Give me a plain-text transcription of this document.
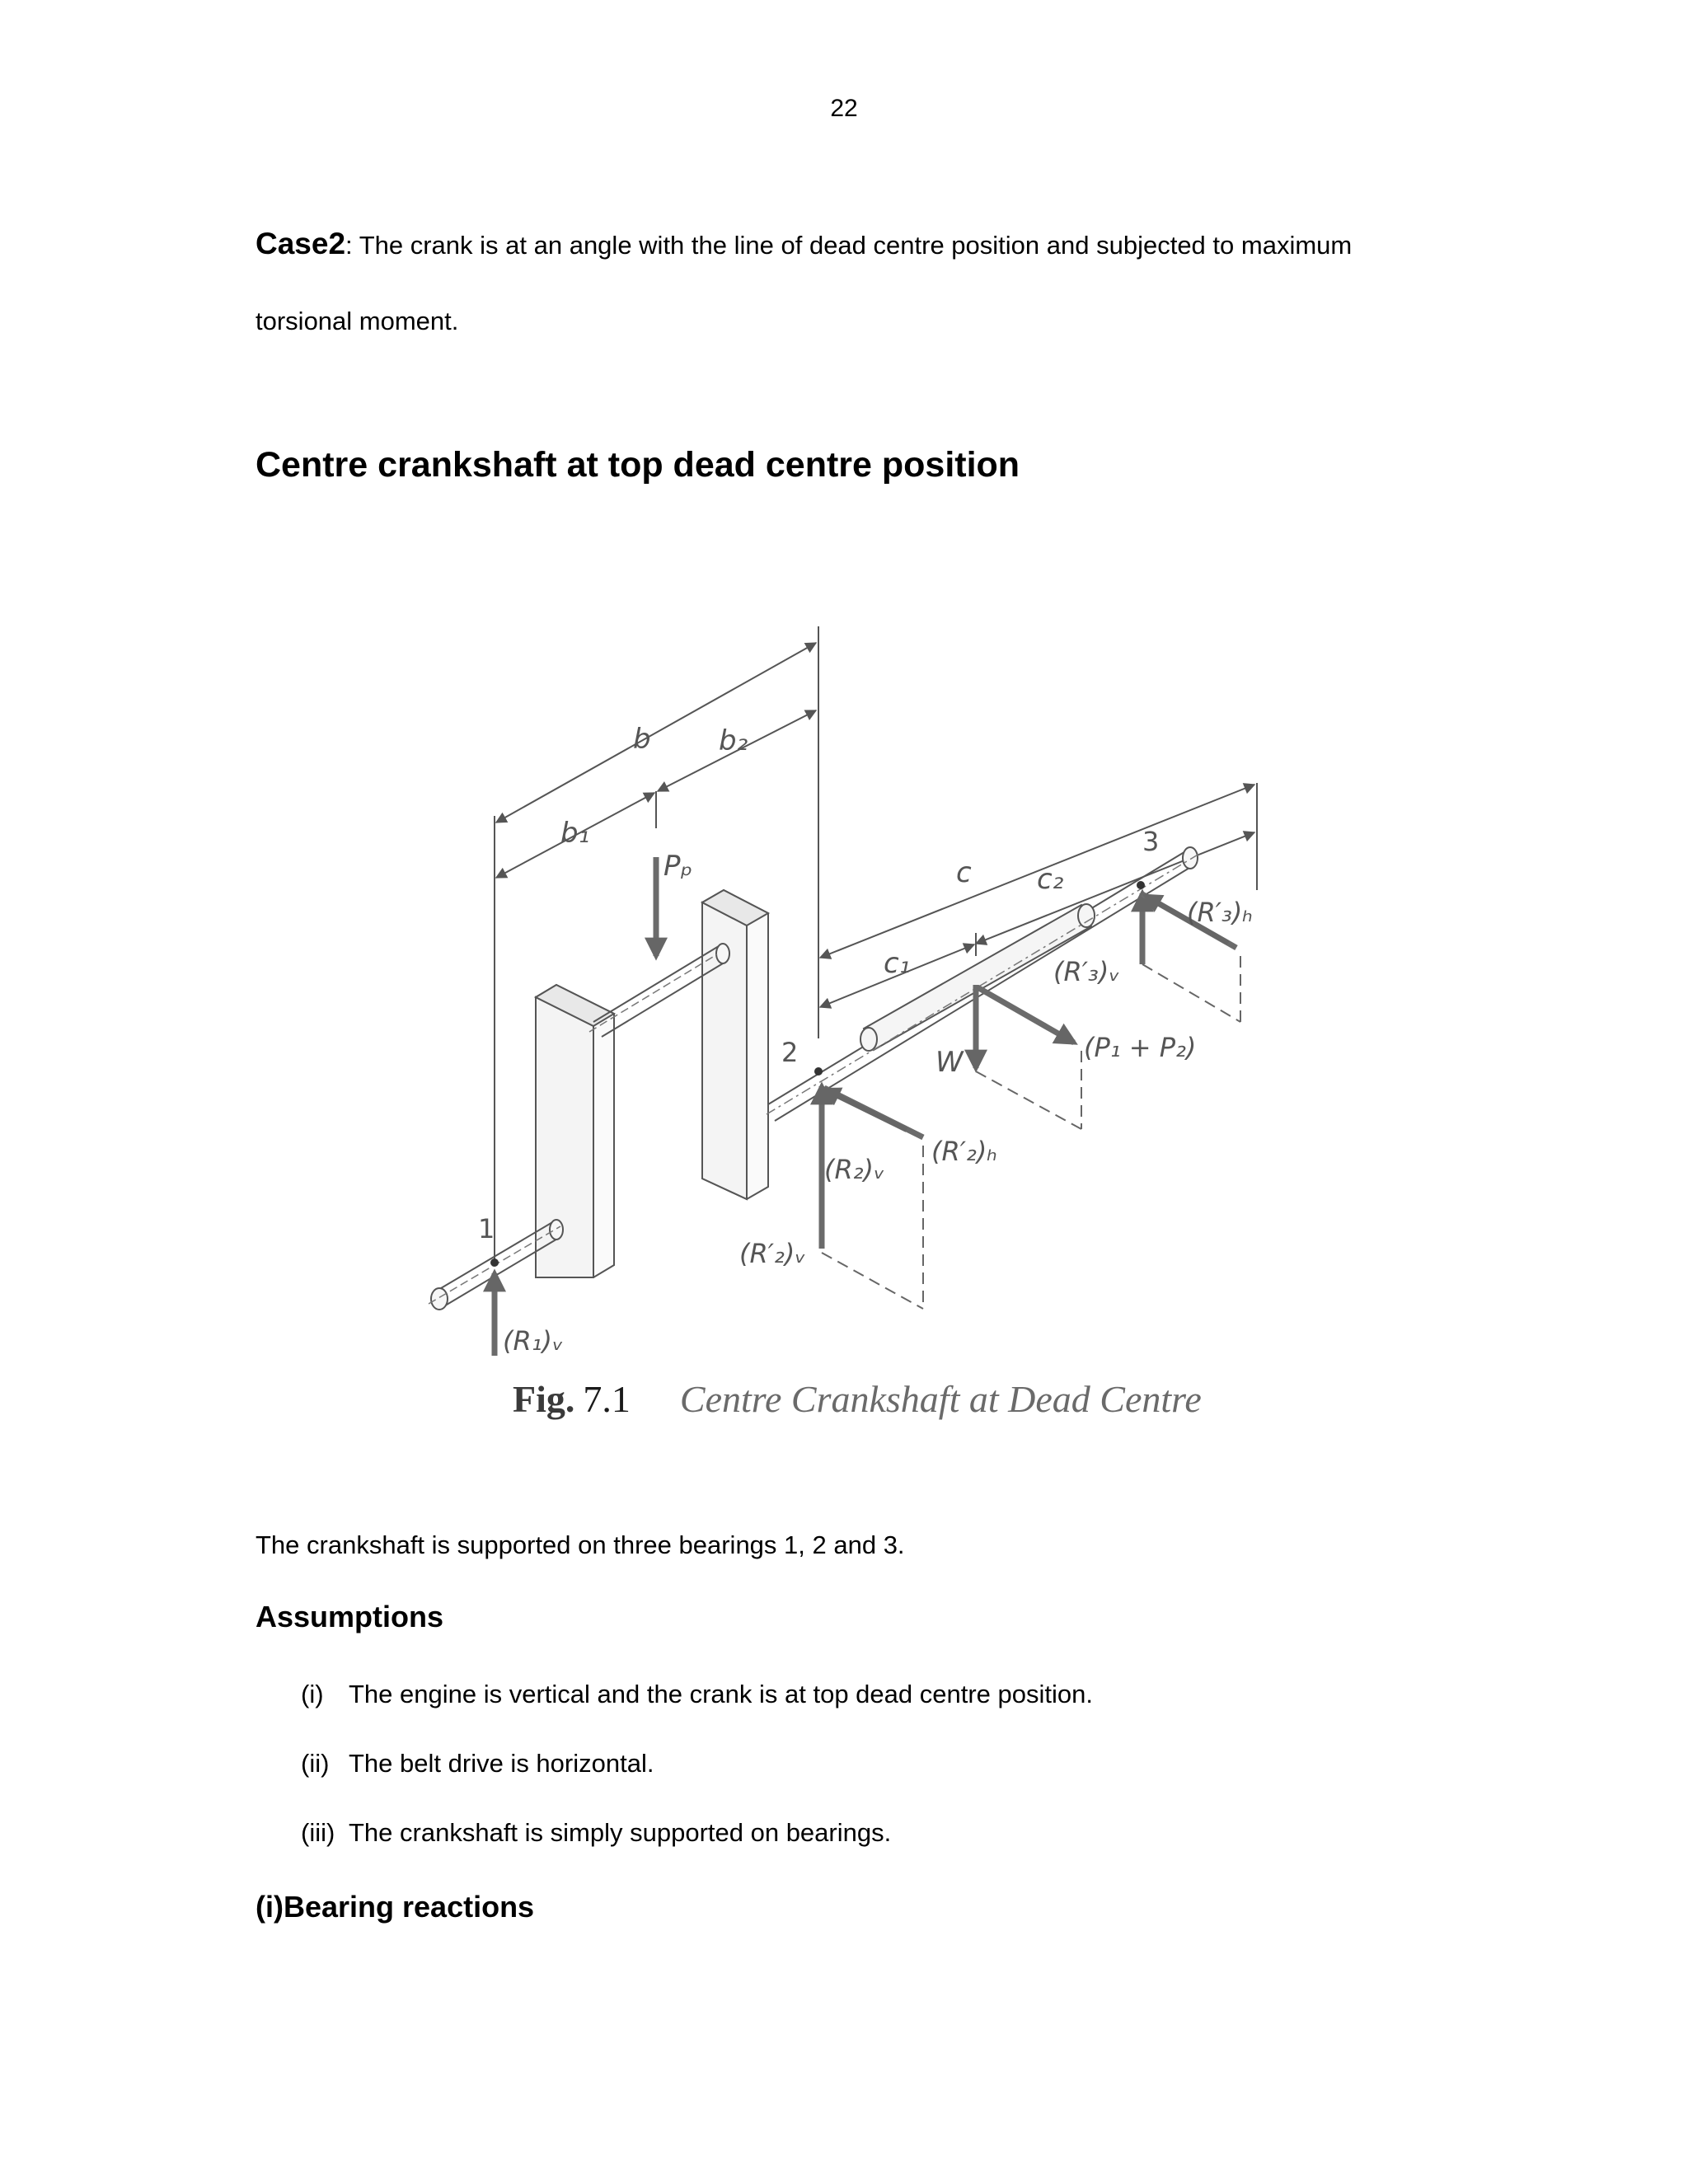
22
Case2: The crank is at an angle with the line of dead centre position and subjected to maximum
torsional moment.
Centre crankshaft at top dead centre position
b
b₁
b₂
Pₚ	c
c₁
c₂
W
1
2
3
(R₁)ᵥ
(R₂)ᵥ
(R′₂)ᵥ
(R′₂)ₕ
(R′₃)ᵥ
(R′₃)ₕ
(P₁ + P₂)
Fig. 7.1 Centre Crankshaft at Dead Centre
The crankshaft is supported on three bearings 1, 2 and 3.
Assumptions
(i) The engine is vertical and the crank is at top dead centre position.
(ii) The belt drive is horizontal.
(iii) The crankshaft is simply supported on bearings.
(i)Bearing reactions
